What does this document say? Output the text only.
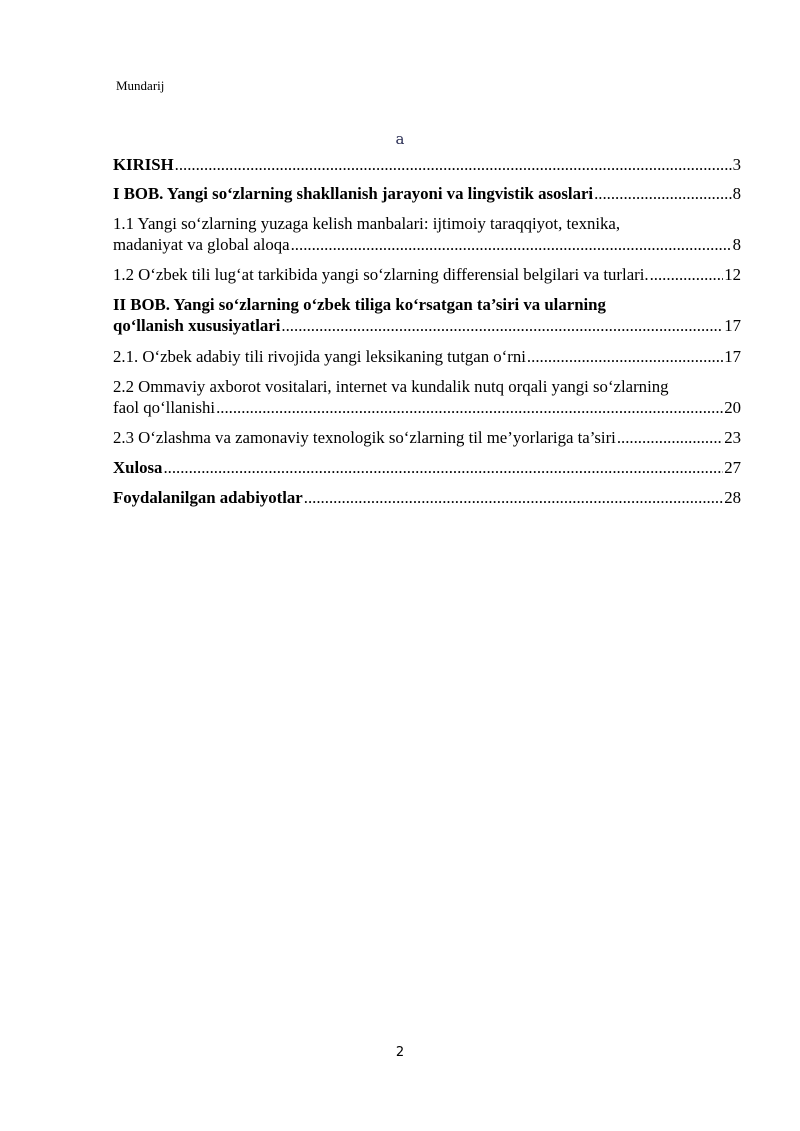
Mundarij
a
KIRISH .....	3
I BOB. Yangi so‘zlarning shakllanish jarayoni va lingvistik asoslari .....	8
1.1 Yangi so‘zlarning yuzaga kelish manbalari: ijtimoiy taraqqiyot, texnika,
madaniyat va global aloqa .....	8
1.2 O‘zbek tili lug‘at tarkibida yangi so‘zlarning differensial belgilari va turlari. .....	12
II BOB. Yangi so‘zlarning o‘zbek tiliga ko‘rsatgan ta’siri va ularning
qo‘llanish xususiyatlari .....	17
2.1. O‘zbek adabiy tili rivojida yangi leksikaning tutgan o‘rni .....	17
2.2 Ommaviy axborot vositalari, internet va kundalik nutq orqali yangi so‘zlarning
faol qo‘llanishi .....	20
2.3 O‘zlashma va zamonaviy texnologik so‘zlarning til me’yorlariga ta’siri .....	23
Xulosa .....	27
Foydalanilgan adabiyotlar .....	28
2
